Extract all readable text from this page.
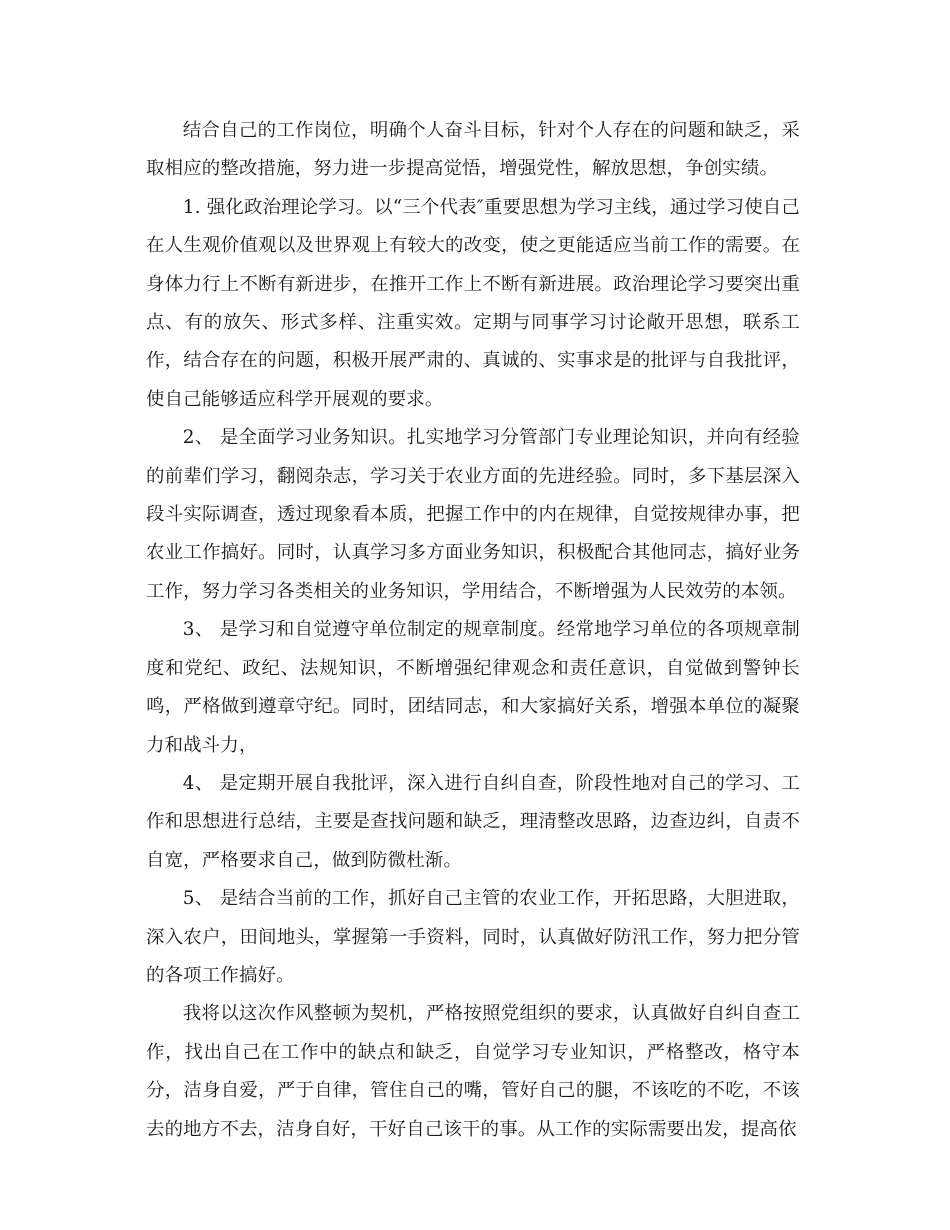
结合自己的工作岗位，明确个人奋斗目标，针对个人存在的问题和缺乏，采取相应的整改措施，努力进一步提高觉悟，增强党性，解放思想，争创实绩。

1. 强化政治理论学习。以“三个代表″重要思想为学习主线，通过学习使自己在人生观价值观以及世界观上有较大的改变，使之更能适应当前工作的需要。在身体力行上不断有新进步，在推开工作上不断有新进展。政治理论学习要突出重点、有的放矢、形式多样、注重实效。定期与同事学习讨论敞开思想，联系工作，结合存在的问题，积极开展严肃的、真诚的、实事求是的批评与自我批评，使自己能够适应科学开展观的要求。

2、 是全面学习业务知识。扎实地学习分管部门专业理论知识，并向有经验的前辈们学习，翻阅杂志，学习关于农业方面的先进经验。同时，多下基层深入段斗实际调查，透过现象看本质，把握工作中的内在规律，自觉按规律办事，把农业工作搞好。同时，认真学习多方面业务知识，积极配合其他同志，搞好业务工作，努力学习各类相关的业务知识，学用结合，不断增强为人民效劳的本领。

3、 是学习和自觉遵守单位制定的规章制度。经常地学习单位的各项规章制度和党纪、政纪、法规知识，不断增强纪律观念和责任意识，自觉做到警钟长鸣，严格做到遵章守纪。同时，团结同志，和大家搞好关系，增强本单位的凝聚力和战斗力，

4、 是定期开展自我批评，深入进行自纠自查，阶段性地对自己的学习、工作和思想进行总结，主要是查找问题和缺乏，理清整改思路，边查边纠，自责不自宽，严格要求自己，做到防微杜渐。

5、 是结合当前的工作，抓好自己主管的农业工作，开拓思路，大胆进取，深入农户，田间地头，掌握第一手资料，同时，认真做好防汛工作，努力把分管的各项工作搞好。

我将以这次作风整顿为契机，严格按照党组织的要求，认真做好自纠自查工作，找出自己在工作中的缺点和缺乏，自觉学习专业知识，严格整改，格守本分，洁身自爱，严于自律，管住自己的嘴，管好自己的腿，不该吃的不吃，不该去的地方不去，洁身自好，干好自己该干的事。从工作的实际需要出发，提高依
